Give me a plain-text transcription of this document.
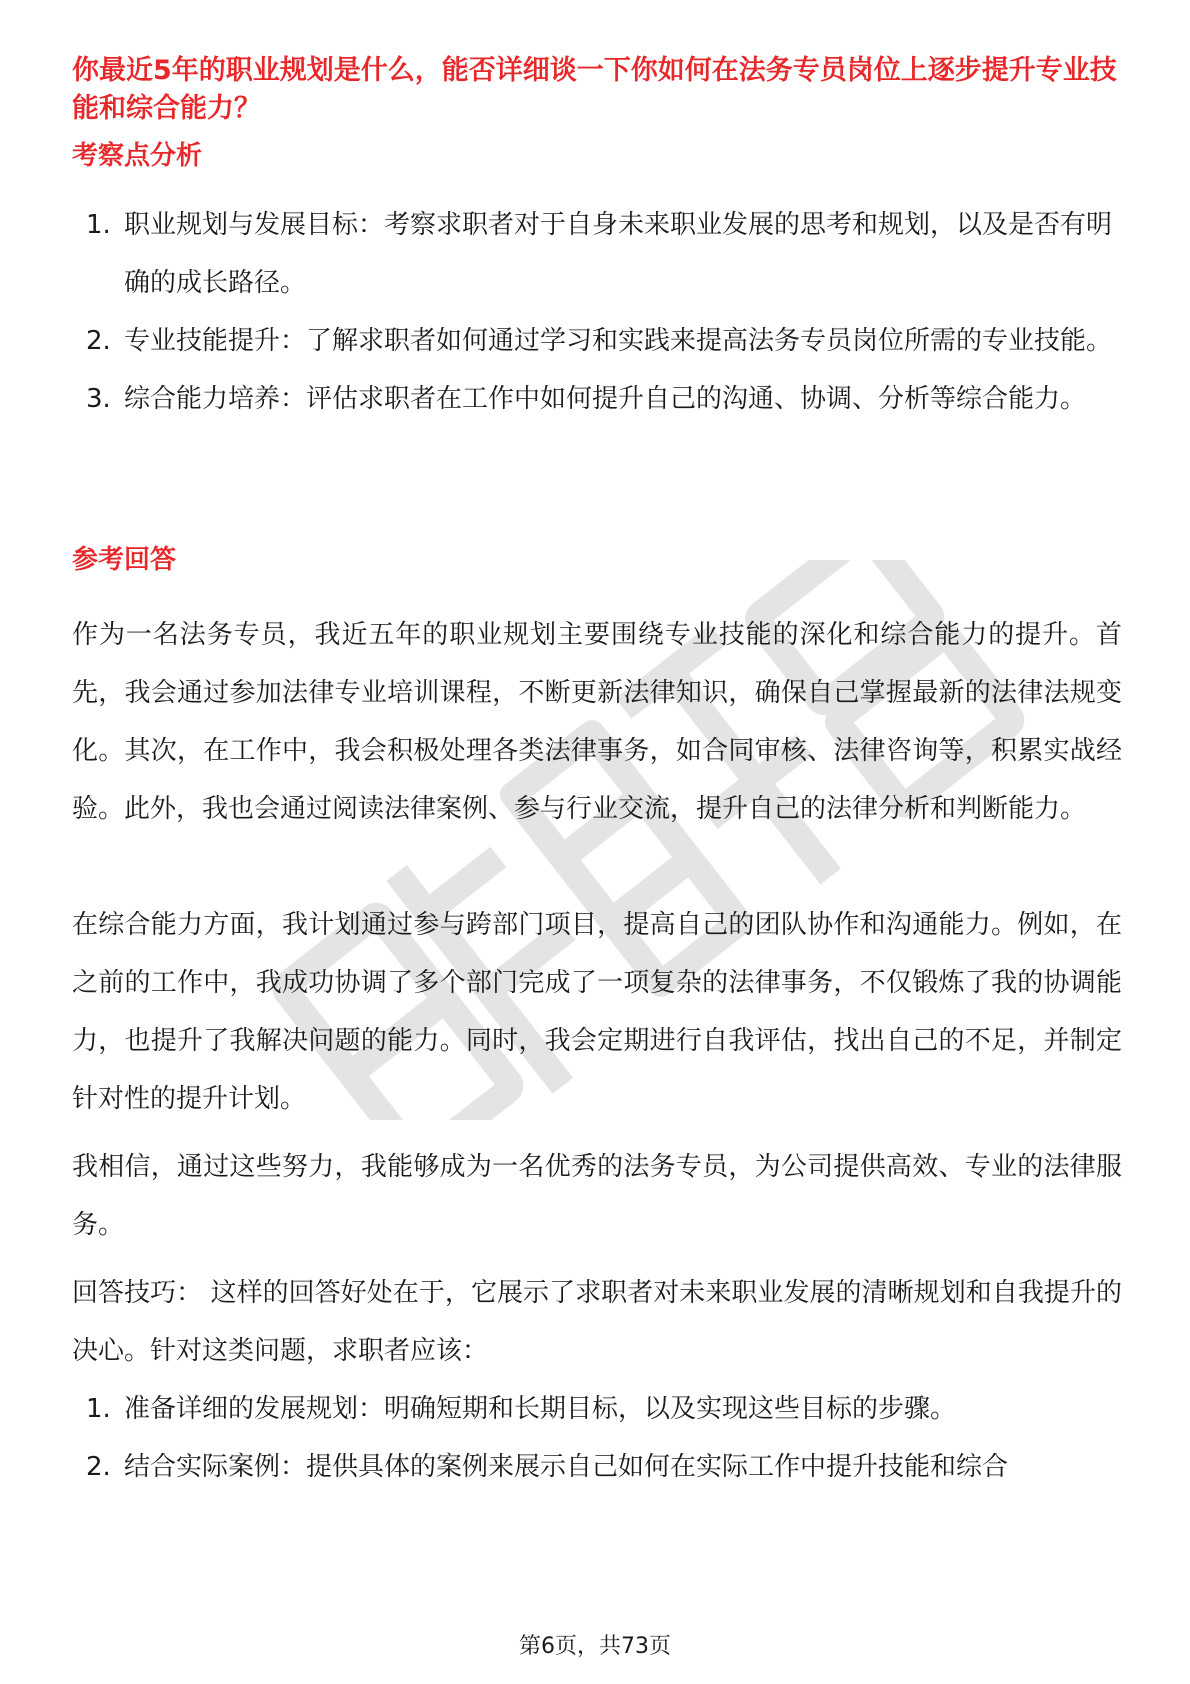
你最近5年的职业规划是什么，能否详细谈一下你如何在法务专员岗位上逐步提升专业技能和综合能力？
考察点分析
1. 职业规划与发展目标：考察求职者对于自身未来职业发展的思考和规划，以及是否有明确的成长路径。
2. 专业技能提升：了解求职者如何通过学习和实践来提高法务专员岗位所需的专业技能。
3. 综合能力培养：评估求职者在工作中如何提升自己的沟通、协调、分析等综合能力。
参考回答

作为一名法务专员，我近五年的职业规划主要围绕专业技能的深化和综合能力的提升。首先，我会通过参加法律专业培训课程，不断更新法律知识，确保自己掌握最新的法律法规变化。其次，在工作中，我会积极处理各类法律事务，如合同审核、法律咨询等，积累实战经验。此外，我也会通过阅读法律案例、参与行业交流，提升自己的法律分析和判断能力。

在综合能力方面，我计划通过参与跨部门项目，提高自己的团队协作和沟通能力。例如，在之前的工作中，我成功协调了多个部门完成了一项复杂的法律事务，不仅锻炼了我的协调能力，也提升了我解决问题的能力。同时，我会定期进行自我评估，找出自己的不足，并制定针对性的提升计划。

我相信，通过这些努力，我能够成为一名优秀的法务专员，为公司提供高效、专业的法律服务。

回答技巧： 这样的回答好处在于，它展示了求职者对未来职业发展的清晰规划和自我提升的决心。针对这类问题，求职者应该：

1. 准备详细的发展规划：明确短期和长期目标，以及实现这些目标的步骤。
2. 结合实际案例：提供具体的案例来展示自己如何在实际工作中提升技能和综合
第6页，共73页
